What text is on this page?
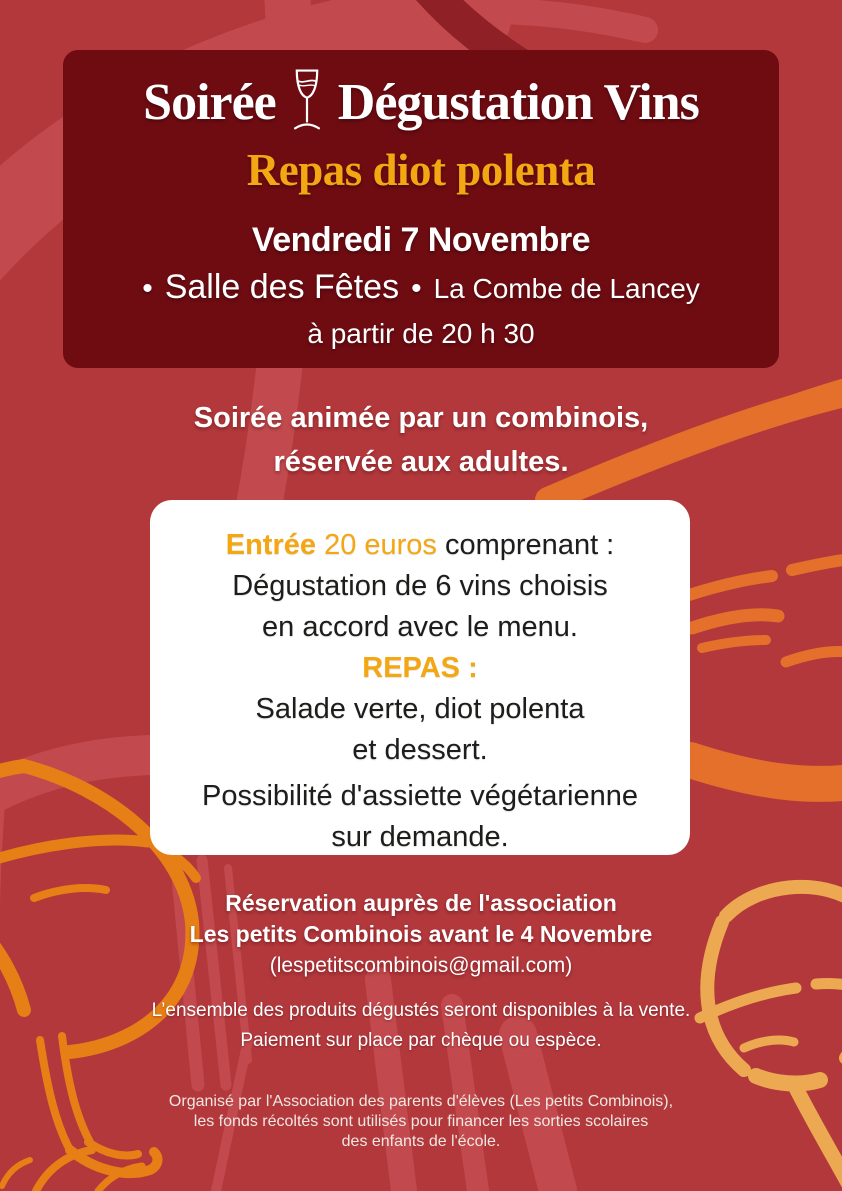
Soirée Dégustation Vins
Repas diot polenta
Vendredi 7 Novembre
• Salle des Fêtes • La Combe de Lancey
à partir de 20 h 30
Soirée animée par un combinois,
réservée aux adultes.
Entrée 20 euros comprenant :
Dégustation de 6 vins choisis
en accord avec le menu.
REPAS :
Salade verte, diot polenta
et dessert.
Possibilité d'assiette végétarienne
sur demande.
Réservation auprès de l'association
Les petits Combinois avant le 4 Novembre
(lespetitscombinois@gmail.com)
L’ensemble des produits dégustés seront disponibles à la vente.
Paiement sur place par chèque ou espèce.
Organisé par l'Association des parents d'élèves (Les petits Combinois),
les fonds récoltés sont utilisés pour financer les sorties scolaires
des enfants de l'école.
